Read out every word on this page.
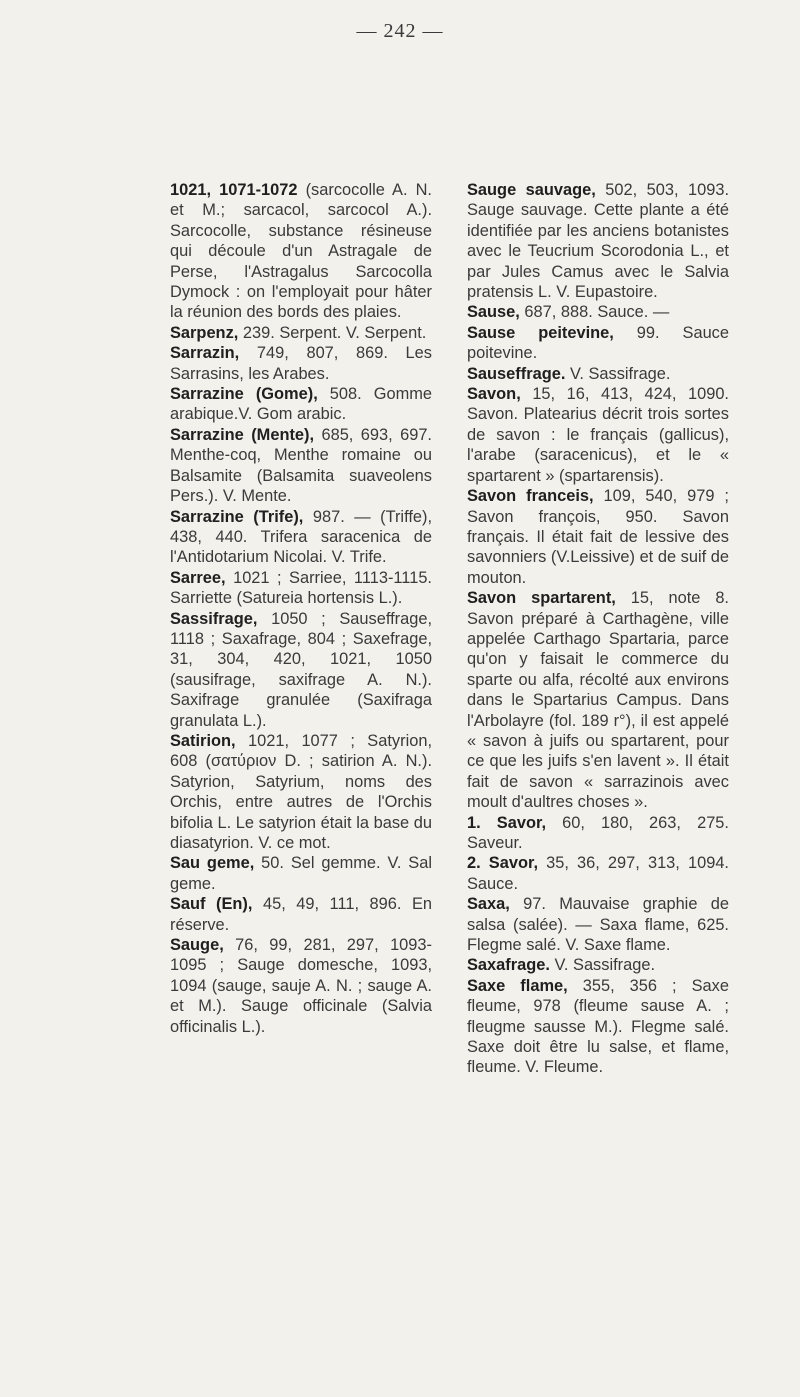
— 242 —

1021, 1071-1072 (sarcocolle A. N. et M.; sarcacol, sarcocol A.). Sarcocolle, substance résineuse qui découle d'un Astragale de Perse, l'Astragalus Sarcocolla Dymock : on l'employait pour hâter la réunion des bords des plaies.

Sarpenz, 239. Serpent. V. Serpent.

Sarrazin, 749, 807, 869. Les Sarrasins, les Arabes.

Sarrazine (Gome), 508. Gomme arabique.V. Gom arabic.

Sarrazine (Mente), 685, 693, 697. Menthe-coq, Menthe romaine ou Balsamite (Balsamita suaveolens Pers.). V. Mente.

Sarrazine (Trife), 987. — (Triffe), 438, 440. Trifera saracenica de l'Antidotarium Nicolai. V. Trife.

Sarree, 1021 ; Sarriee, 1113-1115. Sarriette (Satureia hortensis L.).

Sassifrage, 1050 ; Sauseffrage, 1118 ; Saxafrage, 804 ; Saxefrage, 31, 304, 420, 1021, 1050 (sausifrage, saxifrage A. N.). Saxifrage granulée (Saxifraga granulata L.).

Satirion, 1021, 1077 ; Satyrion, 608 (σατύριον D. ; satirion A. N.). Satyrion, Satyrium, noms des Orchis, entre autres de l'Orchis bifolia L. Le satyrion était la base du diasatyrion. V. ce mot.

Sau geme, 50. Sel gemme. V. Sal geme.

Sauf (En), 45, 49, 111, 896. En réserve.

Sauge, 76, 99, 281, 297, 1093-1095 ; Sauge domesche, 1093, 1094 (sauge, sauje A. N. ; sauge A. et M.). Sauge officinale (Salvia officinalis L.).

Sauge sauvage, 502, 503, 1093. Sauge sauvage. Cette plante a été identifiée par les anciens botanistes avec le Teucrium Scorodonia L., et par Jules Camus avec le Salvia pratensis L. V. Eupastoire.

Sause, 687, 888. Sauce. —

Sause peitevine, 99. Sauce poitevine.

Sauseffrage. V. Sassifrage.

Savon, 15, 16, 413, 424, 1090. Savon. Platearius décrit trois sortes de savon : le français (gallicus), l'arabe (saracenicus), et le « spartarent » (spartarensis).

Savon franceis, 109, 540, 979 ; Savon françois, 950. Savon français. Il était fait de lessive des savonniers (V.Leissive) et de suif de mouton.

Savon spartarent, 15, note 8. Savon préparé à Carthagène, ville appelée Carthago Spartaria, parce qu'on y faisait le commerce du sparte ou alfa, récolté aux environs dans le Spartarius Campus. Dans l'Arbolayre (fol. 189 r°), il est appelé « savon à juifs ou spartarent, pour ce que les juifs s'en lavent ». Il était fait de savon « sarrazinois avec moult d'aultres choses ».

1. Savor, 60, 180, 263, 275. Saveur.

2. Savor, 35, 36, 297, 313, 1094. Sauce.

Saxa, 97. Mauvaise graphie de salsa (salée). — Saxa flame, 625. Flegme salé. V. Saxe flame.

Saxafrage. V. Sassifrage.

Saxe flame, 355, 356 ; Saxe fleume, 978 (fleume sause A. ; fleugme sausse M.). Flegme salé. Saxe doit être lu salse, et flame, fleume. V. Fleume.
